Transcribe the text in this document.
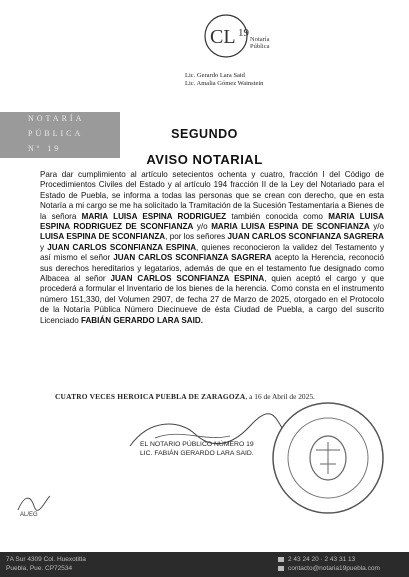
CL 19
Notaría
Pública
Lic. Gerardo Lara Said
Lic. Amalia Gómez Wainstein
NOTARÍA
PÚBLICA
Nº 19
SEGUNDO
AVISO NOTARIAL
Para dar cumplimiento al artículo setecientos ochenta y cuatro, fracción I del Código de Procedimientos Civiles del Estado y al artículo 194 fracción II de la Ley del Notariado para el Estado de Puebla, se informa a todas las personas que se crean con derecho, que en esta Notaría a mi cargo se me ha solicitado la Tramitación de la Sucesión Testamentaria a Bienes de la señora MARIA LUISA ESPINA RODRIGUEZ también conocida como MARIA LUISA ESPINA RODRIGUEZ DE SCONFIANZA y/o MARIA LUISA ESPINA DE SCONFIANZA y/o LUISA ESPINA DE SCONFIANZA, por los señores JUAN CARLOS SCONFIANZA SAGRERA y JUAN CARLOS SCONFIANZA ESPINA, quienes reconocieron la validez del Testamento y así mismo el señor JUAN CARLOS SCONFIANZA SAGRERA acepto la Herencia, reconoció sus derechos hereditarios y legatarios, además de que en el testamento fue designado como Albacea al señor JUAN CARLOS SCONFIANZA ESPINA, quien aceptó el cargo y que procederá a formular el Inventario de los bienes de la herencia. Como consta en el instrumento número 151,330, del Volumen 2907, de fecha 27 de Marzo de 2025, otorgado en el Protocolo de la Notaría Pública Número Diecinueve de ésta Ciudad de Puebla, a cargo del suscrito Licenciado FABIÁN GERARDO LARA SAID.
CUATRO VECES HEROICA PUEBLA DE ZARAGOZA, a 16 de Abril de 2025.
EL NOTARIO PÚBLICO NÚMERO 19
LIC. FABIÁN GERARDO LARA SAID.
AL/EG
7A Sur 4309 Col. Huexotitla
Puebla, Pue. CP72534
2 43 24 20 · 2 43 31 13
contacto@notaria19puebla.com
